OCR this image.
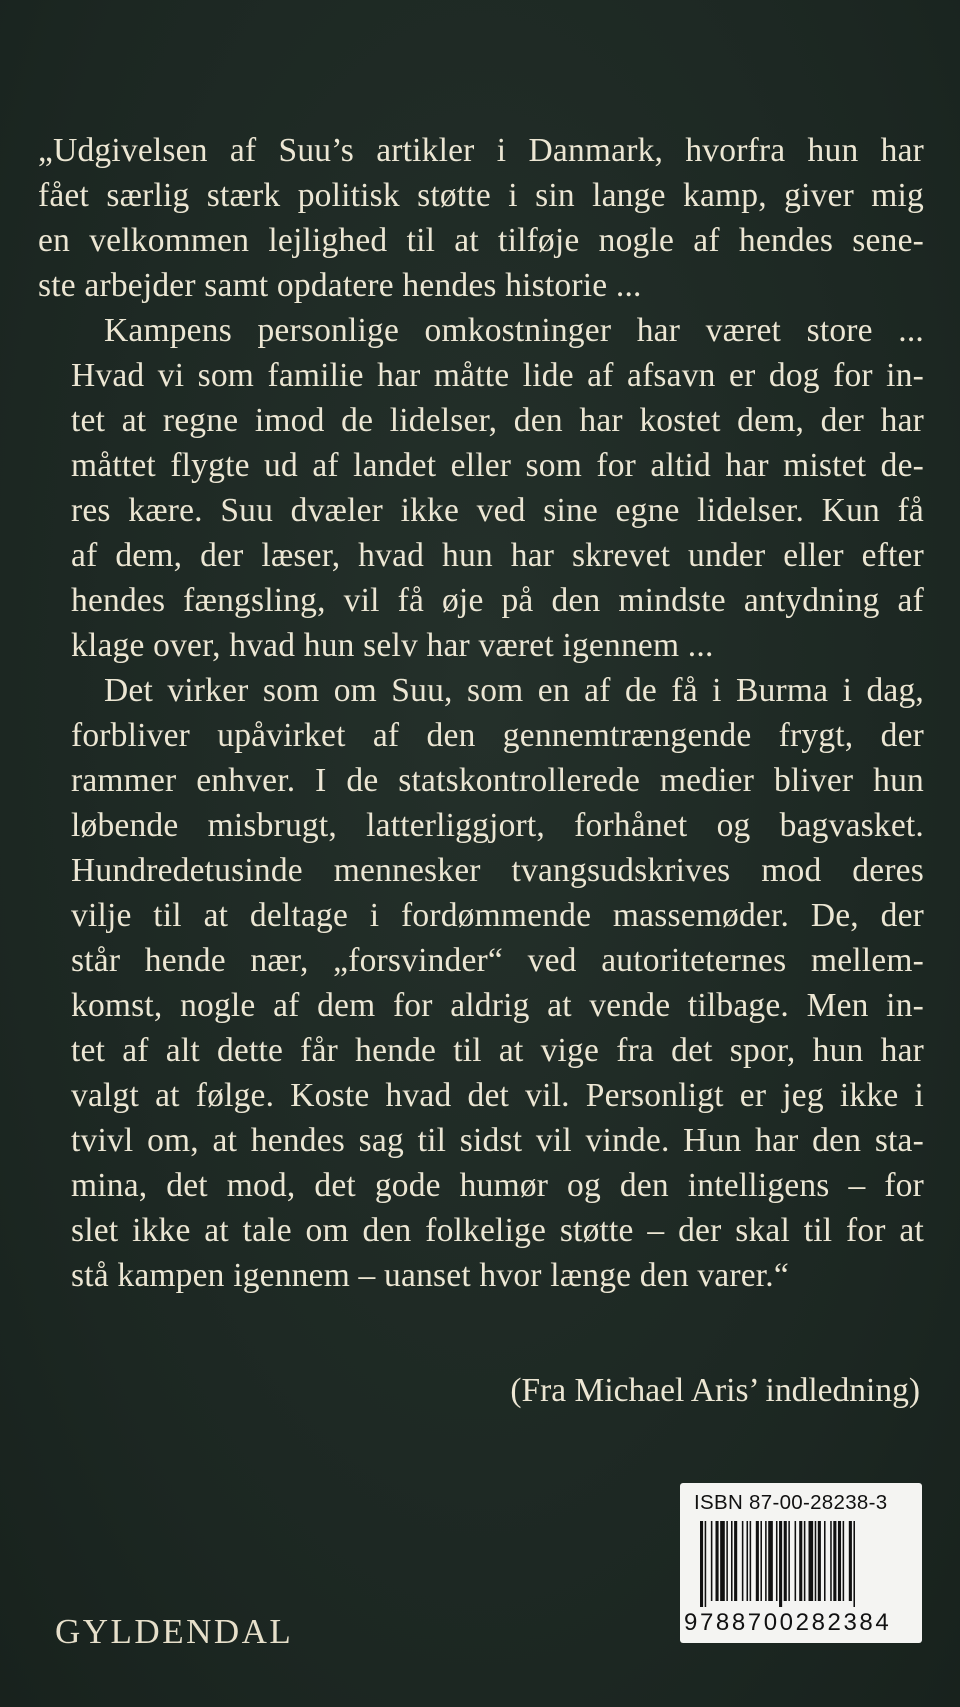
„Udgivelsen af Suu’s artikler i Danmark, hvorfra hun har
fået særlig stærk politisk støtte i sin lange kamp, giver mig
en velkommen lejlighed til at tilføje nogle af hendes sene-
ste arbejder samt opdatere hendes historie ...
Kampens personlige omkostninger har været store ...
Hvad vi som familie har måtte lide af afsavn er dog for in-
tet at regne imod de lidelser, den har kostet dem, der har
måttet flygte ud af landet eller som for altid har mistet de-
res kære. Suu dvæler ikke ved sine egne lidelser. Kun få
af dem, der læser, hvad hun har skrevet under eller efter
hendes fængsling, vil få øje på den mindste antydning af
klage over, hvad hun selv har været igennem ...
Det virker som om Suu, som en af de få i Burma i dag,
forbliver upåvirket af den gennemtrængende frygt, der
rammer enhver. I de statskontrollerede medier bliver hun
løbende misbrugt, latterliggjort, forhånet og bagvasket.
Hundredetusinde mennesker tvangsudskrives mod deres
vilje til at deltage i fordømmende massemøder. De, der
står hende nær, „forsvinder“ ved autoriteternes mellem-
komst, nogle af dem for aldrig at vende tilbage. Men in-
tet af alt dette får hende til at vige fra det spor, hun har
valgt at følge. Koste hvad det vil. Personligt er jeg ikke i
tvivl om, at hendes sag til sidst vil vinde. Hun har den sta-
mina, det mod, det gode humør og den intelligens – for
slet ikke at tale om den folkelige støtte – der skal til for at
stå kampen igennem – uanset hvor længe den varer.“
(Fra Michael Aris’ indledning)
GYLDENDAL
ISBN 87-00-28238-3
9788700282384
